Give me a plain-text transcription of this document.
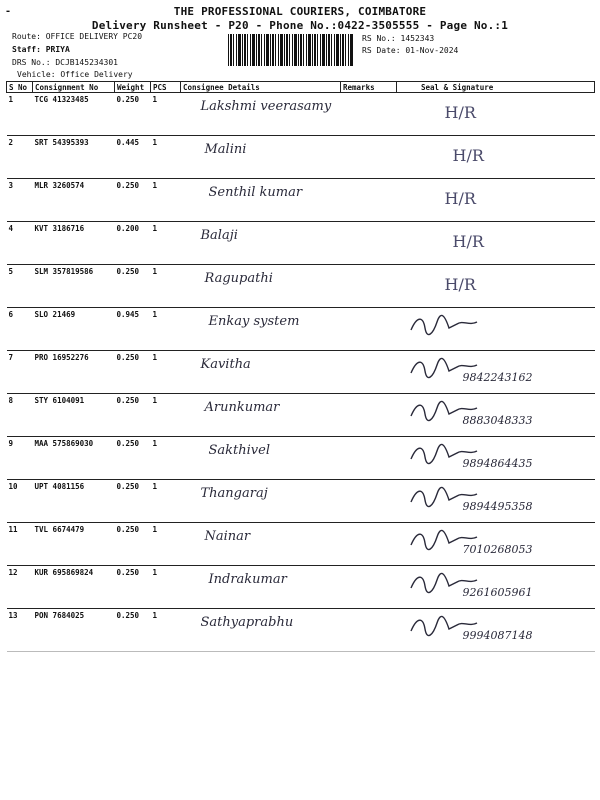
-	THE PROFESSIONAL COURIERS, COIMBATORE
Delivery Runsheet - P20 - Phone No.:0422-3505555 - Page No.:1
Route: OFFICE DELIVERY PC20
Staff: PRIYA
DRS No.: DCJB145234301
Vehicle: Office Delivery
RS No.: 1452343
RS Date: 01-Nov-2024
S No	Consignment No	Weight	PCS	Consignee Details	Remarks	Seal & Signature
1	TCG 41323485	0.250	1	Lakshmi veerasamy		H/R

2	SRT 54395393	0.445	1	Malini		H/R

3	MLR 3260574	0.250	1	Senthil kumar		H/R

4	KVT 3186716	0.200	1	Balaji		H/R

5	SLM 357819586	0.250	1	Ragupathi		H/R

6	SLO 21469	0.945	1	Enkay system		

7	PRO 16952276	0.250	1	Kavitha		9842243162

8	STY 6104091	0.250	1	Arunkumar		8883048333

9	MAA 575869030	0.250	1	Sakthivel		9894864435

10	UPT 4081156	0.250	1	Thangaraj		9894495358

11	TVL 6674479	0.250	1	Nainar		7010268053

12	KUR 695869824	0.250	1	Indrakumar		9261605961

13	PON 7684025	0.250	1	Sathyaprabhu		9994087148
